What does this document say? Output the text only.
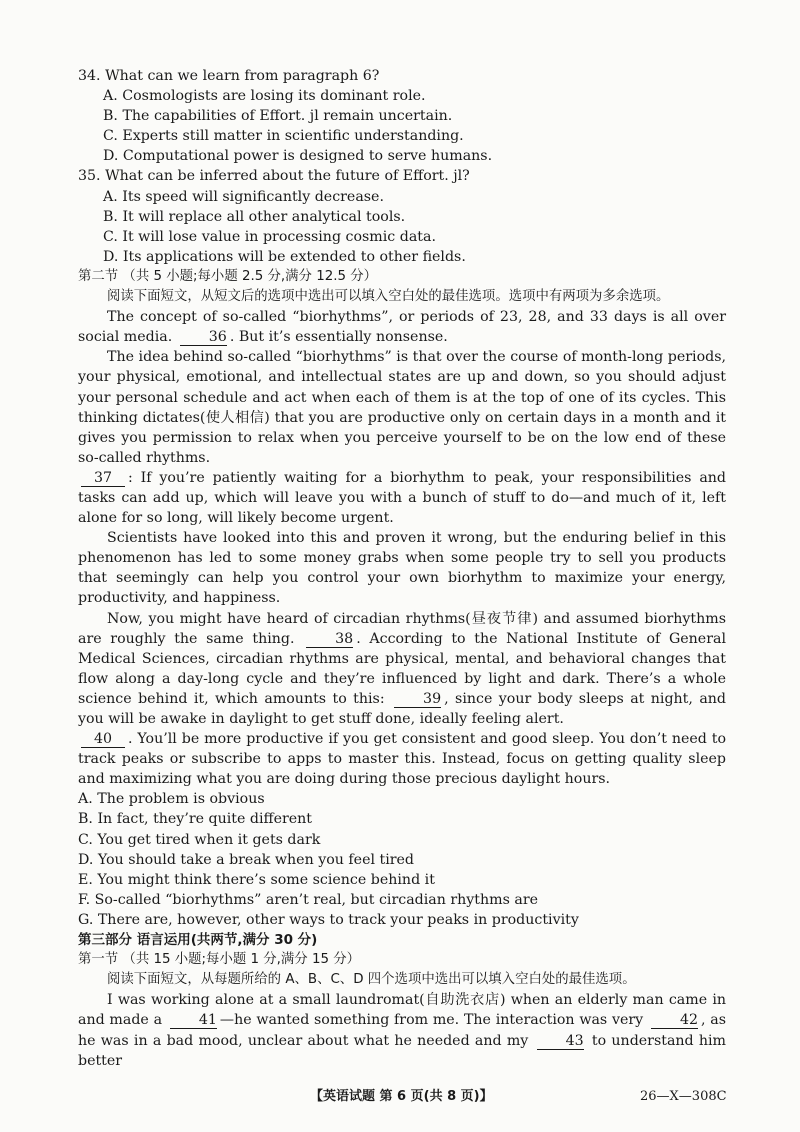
34. What can we learn from paragraph 6?
A. Cosmologists are losing its dominant role.
B. The capabilities of Effort. jl remain uncertain.
C. Experts still matter in scientific understanding.
D. Computational power is designed to serve humans.
35. What can be inferred about the future of Effort. jl?
A. Its speed will significantly decrease.
B. It will replace all other analytical tools.
C. It will lose value in processing cosmic data.
D. Its applications will be extended to other fields.
第二节 （共 5 小题;每小题 2.5 分,满分 12.5 分）
阅读下面短文，从短文后的选项中选出可以填入空白处的最佳选项。选项中有两项为多余选项。
The concept of so-called “biorhythms”, or periods of 23, 28, and 33 days is all over social media.	36 . But it’s essentially nonsense.
The idea behind so-called “biorhythms” is that over the course of month-long periods, your physical, emotional, and intellectual states are up and down, so you should adjust your personal schedule and act when each of them is at the top of one of its cycles. This thinking dictates(使人相信) that you are productive only on certain days in a month and it gives you permission to relax when you perceive yourself to be on the low end of these so-called rhythms.
37 : If you’re patiently waiting for a biorhythm to peak, your responsibilities and tasks can add up, which will leave you with a bunch of stuff to do—and much of it, left alone for so long, will likely become urgent.
Scientists have looked into this and proven it wrong, but the enduring belief in this phenomenon has led to some money grabs when some people try to sell you products that seemingly can help you control your own biorhythm to maximize your energy, productivity, and happiness.
Now, you might have heard of circadian rhythms(昼夜节律) and assumed biorhythms are roughly the same thing.	38 . According to the National Institute of General Medical Sciences, circadian rhythms are physical, mental, and behavioral changes that flow along a day-long cycle and they’re influenced by light and dark. There’s a whole science behind it, which amounts to this:	39 , since your body sleeps at night, and you will be awake in daylight to get stuff done, ideally feeling alert.
40 . You’ll be more productive if you get consistent and good sleep. You don’t need to track peaks or subscribe to apps to master this. Instead, focus on getting quality sleep and maximizing what you are doing during those precious daylight hours.
A. The problem is obvious
B. In fact, they’re quite different
C. You get tired when it gets dark
D. You should take a break when you feel tired
E. You might think there’s some science behind it
F. So-called “biorhythms” aren’t real, but circadian rhythms are
G. There are, however, other ways to track your peaks in productivity
第三部分 语言运用(共两节,满分 30 分)
第一节 （共 15 小题;每小题 1 分,满分 15 分）
阅读下面短文，从每题所给的 A、B、C、D 四个选项中选出可以填入空白处的最佳选项。
I was working alone at a small laundromat(自助洗衣店) when an elderly man came in and made a	41 —he wanted something from me. The interaction was very	42 , as he was in a bad mood, unclear about what he needed and my	43 to understand him better
【英语试题 第 6 页(共 8 页)】	26—X—308C
